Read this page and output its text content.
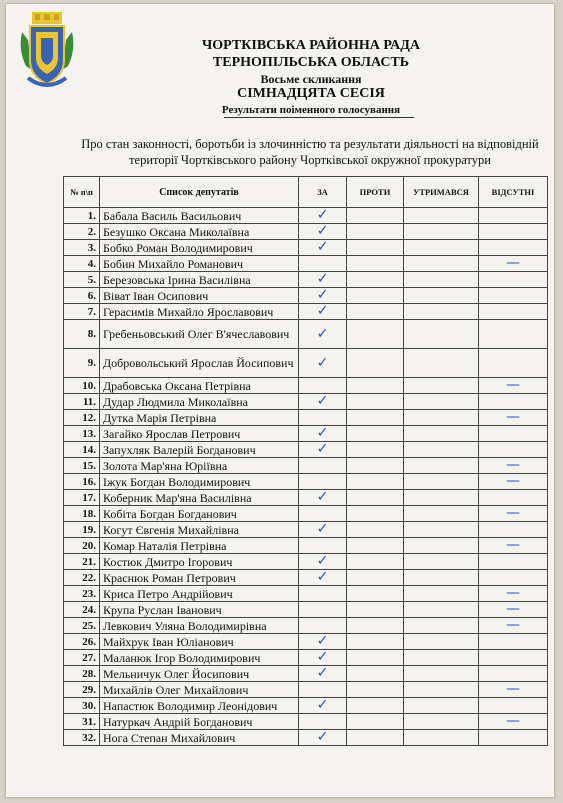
ЧОРТКІВСЬКА РАЙОННА РАДА
ТЕРНОПІЛЬСЬКА ОБЛАСТЬ
Восьме скликання
СІМНАДЦЯТА СЕСІЯ
Результати поіменного голосування
Про стан законності, боротьби із злочинністю та результати діяльності на відповідній території Чортківського району Чортківської окружної прокуратури
№ п\п	Список депутатів	ЗА	ПРОТИ	УТРИМАВСЯ	ВІДСУТНІ
1.	Бабала Василь Васильович	✓			
2.	Безушко Оксана Миколаївна	✓			
3.	Бобко Роман Володимирович	✓			
4.	Бобин Михайло Романович				—
5.	Березовська Ірина Василівна	✓			
6.	Віват Іван Осипович	✓			
7.	Герасимів Михайло Ярославович	✓			
8.	Гребеньовський Олег В'ячеславович	✓			
9.	Добровольський Ярослав Йосипович	✓			
10.	Драбовська Оксана Петрівна				—
11.	Дудар Людмила Миколаївна	✓			
12.	Дутка Марія Петрівна				—
13.	Загайко Ярослав Петрович	✓			
14.	Запухляк Валерій Богданович	✓			
15.	Золота Мар'яна Юріївна				—
16.	Іжук Богдан Володимирович				—
17.	Коберник Мар'яна Василівна	✓			
18.	Кобіта Богдан Богданович				—
19.	Когут Євгенія Михайлівна	✓			
20.	Комар Наталія Петрівна				—
21.	Костюк Дмитро Ігорович	✓			
22.	Краснюк Роман Петрович	✓			
23.	Криса Петро Андрійович				—
24.	Крупа Руслан Іванович				—
25.	Левкович Уляна Володимирівна				—
26.	Майхрук Іван Юліанович	✓			
27.	Маланюк Ігор Володимирович	✓			
28.	Мельничук Олег Йосипович	✓			
29.	Михайлів Олег Михайлович				—
30.	Напастюк Володимир Леонідович	✓			
31.	Натуркач Андрій Богданович				—
32.	Нога Степан Михайлович	✓			
